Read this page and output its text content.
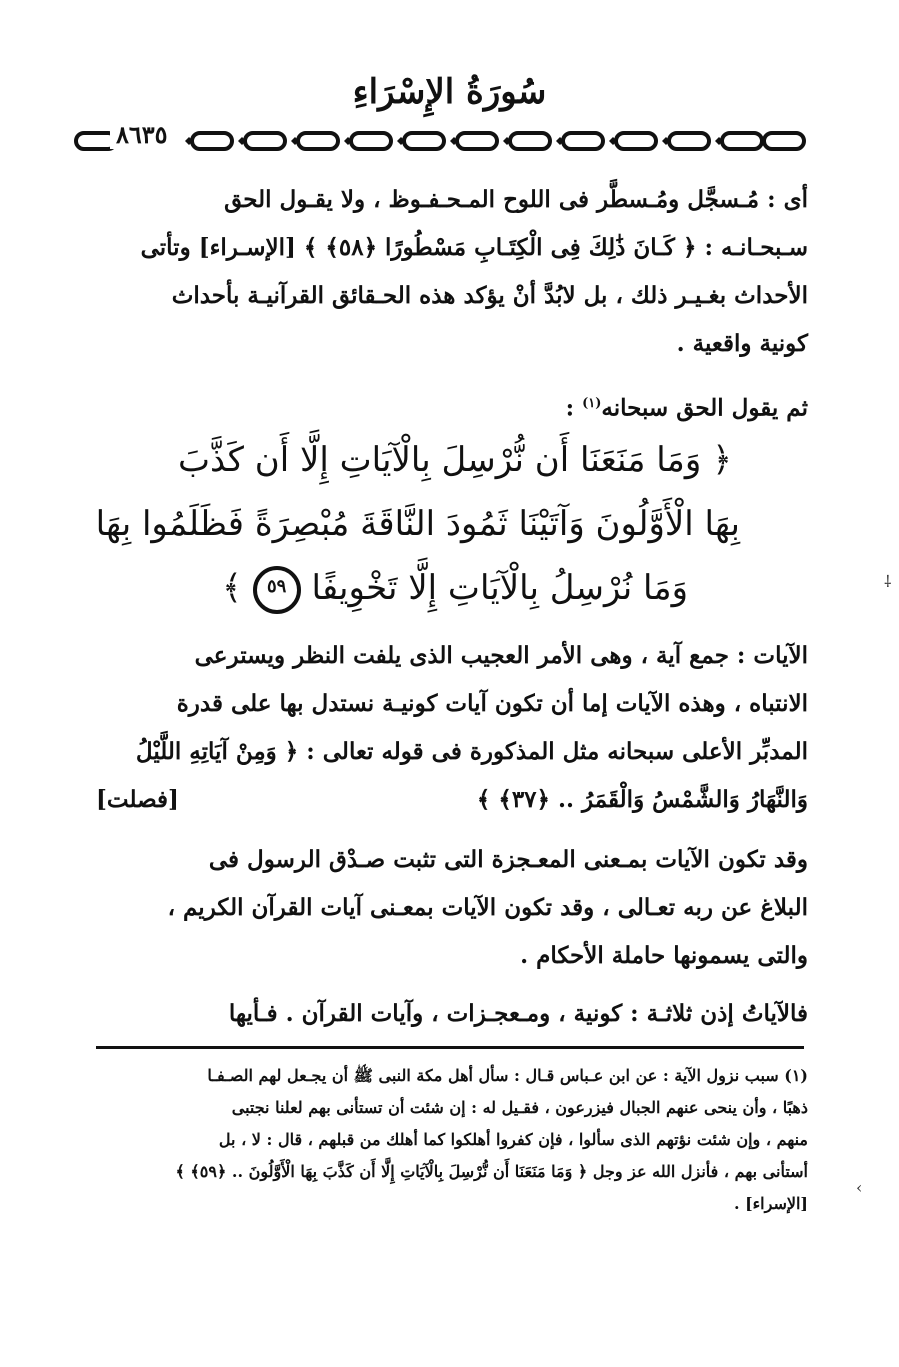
سُورَةُ الإِسْرَاءِ
٨٦٣٥

أى : مُـسجَّل ومُـسطَّر فى اللوح المـحـفـوظ ، ولا يقـول الحق

سـبحـانـه : ﴿ كَـانَ ذَٰلِكَ فِى الْكِتَـابِ مَسْطُورًا ﴿٥٨﴾ ﴾ [الإسـراء] وتأتى

الأحداث بغـيـر ذلك ، بل لابُدَّ أنْ يؤكد هذه الحـقائق القرآنيـة بأحداث

كونية واقعية .

ثم يقول الحق سبحانه$^{(١)}$ :

﴿ وَمَا مَنَعَنَا أَن نُّرْسِلَ بِالْآيَاتِ إِلَّا أَن كَذَّبَ
بِهَا الْأَوَّلُونَ وَآتَيْنَا ثَمُودَ النَّاقَةَ مُبْصِرَةً فَظَلَمُوا بِهَا
وَمَا نُرْسِلُ بِالْآيَاتِ إِلَّا تَخْوِيفًا ٥٩ ﴾

الآيات : جمع آية ، وهى الأمر العجيب الذى يلفت النظر ويسترعى

الانتباه ، وهذه الآيات إما أن تكون آيات كونيـة نستدل بها على قدرة

المدبِّر الأعلى سبحانه مثل المذكورة فى قوله تعالى : ﴿ وَمِنْ آيَاتِهِ اللَّيْلُ

وَالنَّهَارُ وَالشَّمْسُ وَالْقَمَرُ .. ﴿٣٧﴾ ﴾
[فصلت]

وقد تكون الآيات بمـعنى المعـجزة التى تثبت صـدْق الرسول فى

البلاغ عن ربه تعـالى ، وقد تكون الآيات بمعـنى آيات القرآن الكريم ،

والتى يسمونها حاملة الأحكام .

فالآياتُ إذن ثلاثـة : كونية ، ومـعجـزات ، وآيات القرآن . فـأيها

(١) سبب نزول الآية : عن ابن عـباس قـال : سأل أهل مكة النبى ﷺ أن يجـعل لهم الصـفـا
ذهبًا ، وأن ينحى عنهم الجبال فيزرعون ، فقـيل له : إن شئت أن تستأنى بهم لعلنا نجتبى
منهم ، وإن شئت نؤتهم الذى سألوا ، فإن كفروا أهلكوا كما أهلك من قبلهم ، قال : لا ، بل
أستأنى بهم ، فأنزل الله عز وجل ﴿ وَمَا مَنَعَنَا أَن نُّرْسِلَ بِالْآيَاتِ إِلَّا أَن كَذَّبَ بِهَا الْأَوَّلُونَ .. ﴿٥٩﴾ ﴾
[الإسراء] .
⸸
‹
